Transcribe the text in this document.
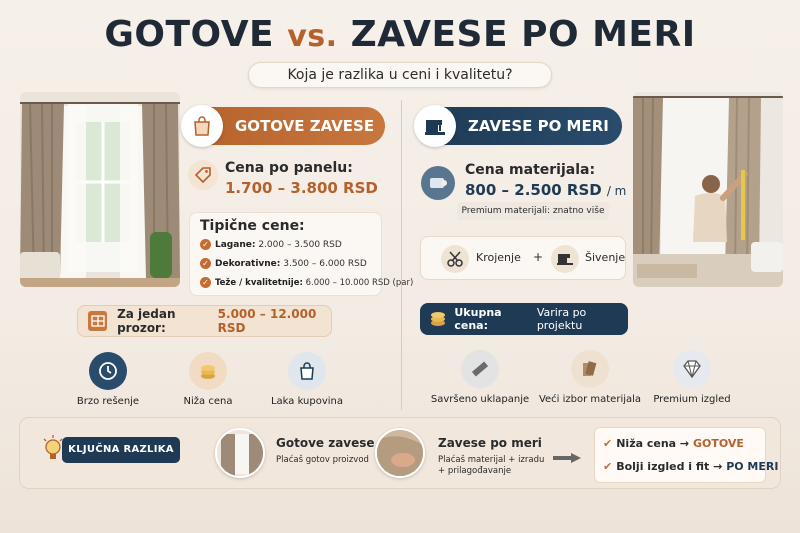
GOTOVE vs. ZAVESE PO MERI
Koja je razlika u ceni i kvalitetu?
GOTOVE ZAVESE	ZAVESE PO MERI
Cena po panelu:
1.700 – 3.800 RSD
Tipične cene:
✓ Lagane: 2.000 – 3.500 RSD
✓ Dekorativne: 3.500 – 6.000 RSD
✓ Teže / kvalitetnije: 6.000 – 10.000 RSD (par)
Za jedan prozor:
5.000 – 12.000 RSD
Brzo rešenje	Niža cena	Laka kupovina
Cena materijala:
800 – 2.500 RSD / m
Premium materijali: znatno više
Krojenje +	Šivenje
Ukupna cena:
Varira po projektu
Savršeno uklapanje Veći izbor materijala	Premium izgled
KLJUČNA RAZLIKA	Gotove zavese
Plaćaš gotov proizvod
Zavese po meri
Plaćaš materijal + izradu
+ prilagođavanje
✔ Niža cena → GOTOVE
✔ Bolji izgled i fit → PO MERI
